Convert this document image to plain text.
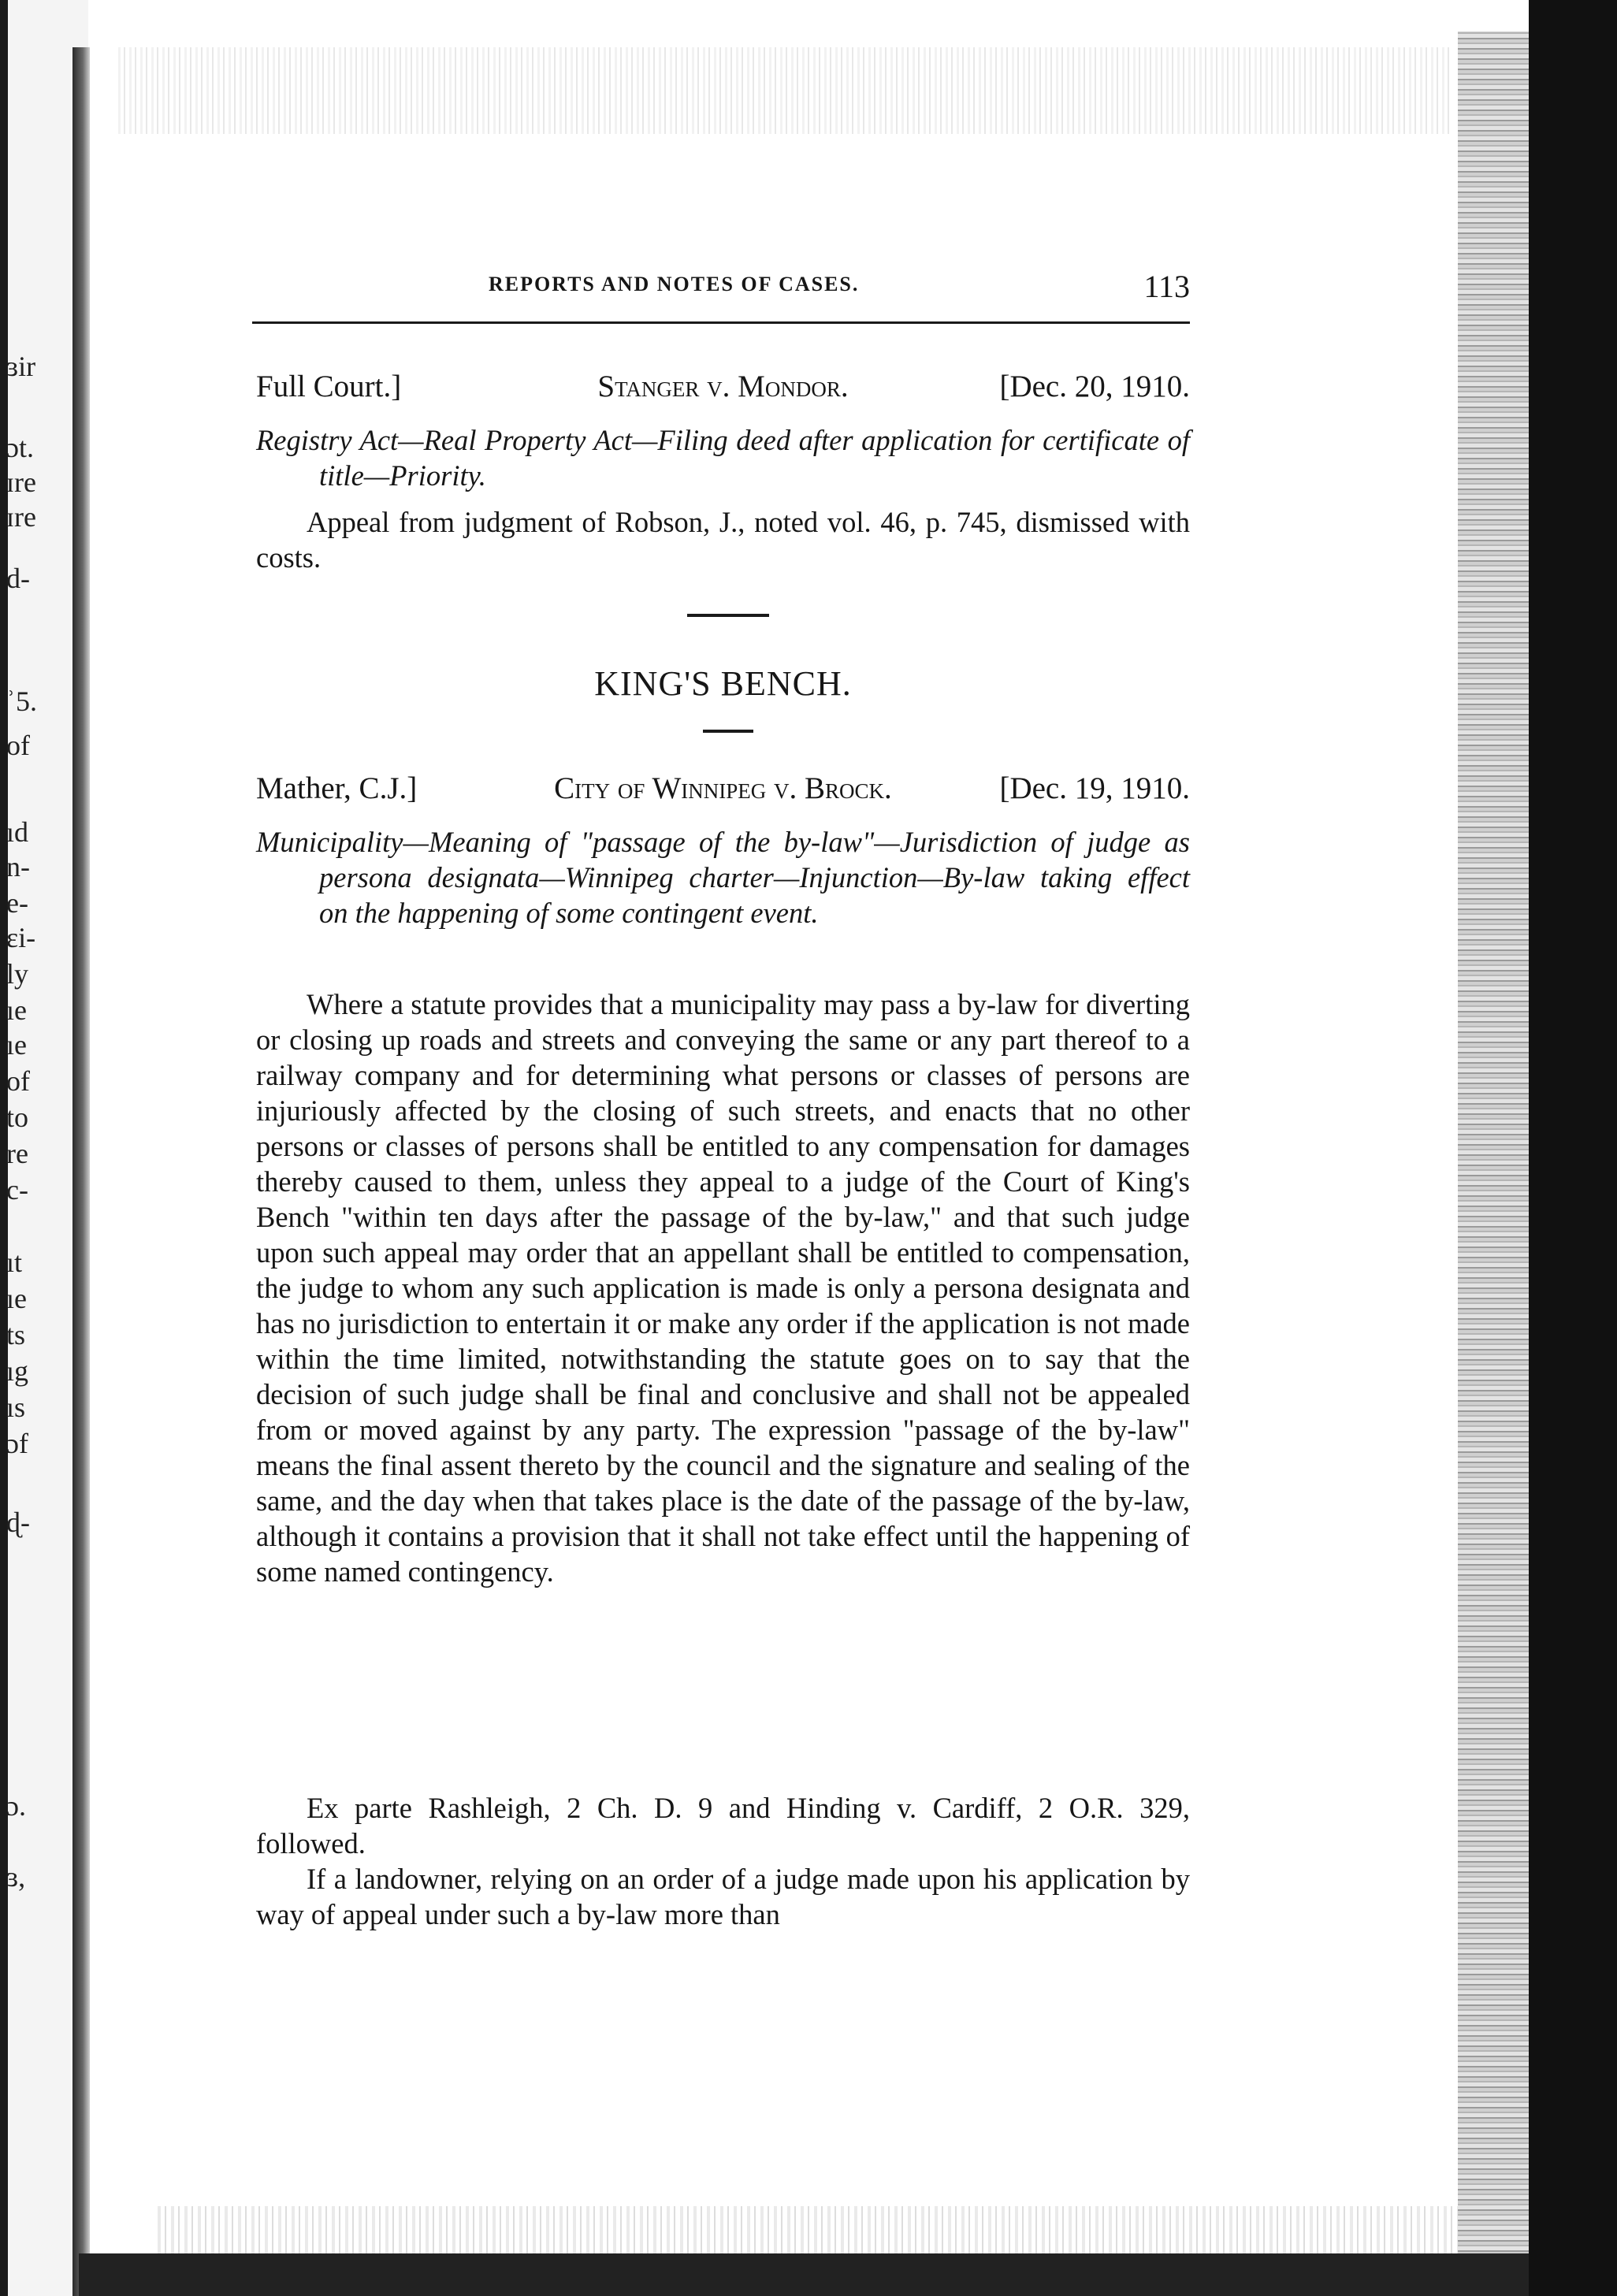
ɜir
ɔt.
ɪre
ɪre
d-
ʾ5.
of
ıd
n-
e-
ɛi-
ly
ıe
ıe
of
to
re
c-
ıt
ıe
ts
ıg
ıs
ɔf
ɖ-
ɔ.
ɜ,
REPORTS AND NOTES OF CASES.	113
Full Court.]	Stanger v. Mondor.	[Dec. 20, 1910.
Registry Act—Real Property Act—Filing deed after application for certificate of title—Priority.
Appeal from judgment of Robson, J., noted vol. 46, p. 745, dismissed with costs.
KING'S BENCH.
Mather, C.J.]	City of Winnipeg v. Brock.	[Dec. 19, 1910.
Municipality—Meaning of "passage of the by-law"—Jurisdiction of judge as persona designata—Winnipeg charter—Injunction—By-law taking effect on the happening of some contingent event.
Where a statute provides that a municipality may pass a by-law for diverting or closing up roads and streets and conveying the same or any part thereof to a railway company and for determining what persons or classes of persons are injuriously affected by the closing of such streets, and enacts that no other persons or classes of persons shall be entitled to any compensation for damages thereby caused to them, unless they appeal to a judge of the Court of King's Bench "within ten days after the passage of the by-law," and that such judge upon such appeal may order that an appellant shall be entitled to compensation, the judge to whom any such application is made is only a persona designata and has no jurisdiction to entertain it or make any order if the application is not made within the time limited, notwithstanding the statute goes on to say that the decision of such judge shall be final and conclusive and shall not be appealed from or moved against by any party. The expression "passage of the by-law" means the final assent thereto by the council and the signature and sealing of the same, and the day when that takes place is the date of the passage of the by-law, although it contains a provision that it shall not take effect until the happening of some named contingency.
Ex parte Rashleigh, 2 Ch. D. 9 and Hinding v. Cardiff, 2 O.R. 329, followed.
If a landowner, relying on an order of a judge made upon his application by way of appeal under such a by-law more than
